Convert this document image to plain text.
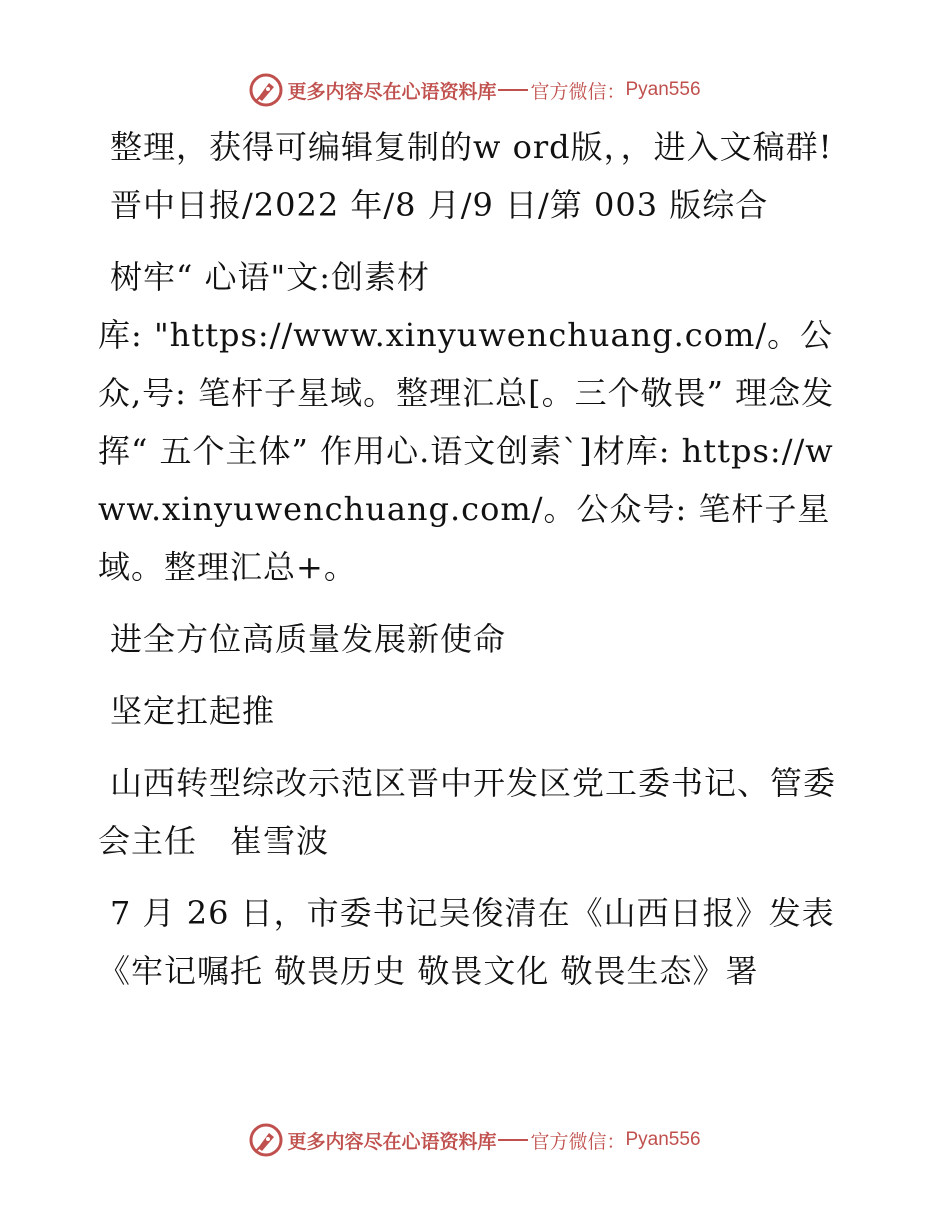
更多内容尽在心语资料库 官方微信： Pyan556

整理，获得可编辑复制的w ord版，，进入文稿群!

晋中日报/2022 年/8 月/9 日/第 003 版综合

树牢“ 心语"文:创素材

库: "https://www.xinyuwenchuang.com/。公众,号: 笔杆子星域。整理汇总[。三个敬畏” 理念发挥“ 五个主体” 作用心.语文创素`]材库: https://www.xinyuwenchuang.com/。公众号: 笔杆子星域。整理汇总+。

进全方位高质量发展新使命

坚定扛起推

山西转型综改示范区晋中开发区党工委书记、管委会主任　崔雪波

7 月 26 日，市委书记吴俊清在《山西日报》发表《牢记嘱托 敬畏历史 敬畏文化 敬畏生态》署

更多内容尽在心语资料库 官方微信： Pyan556
